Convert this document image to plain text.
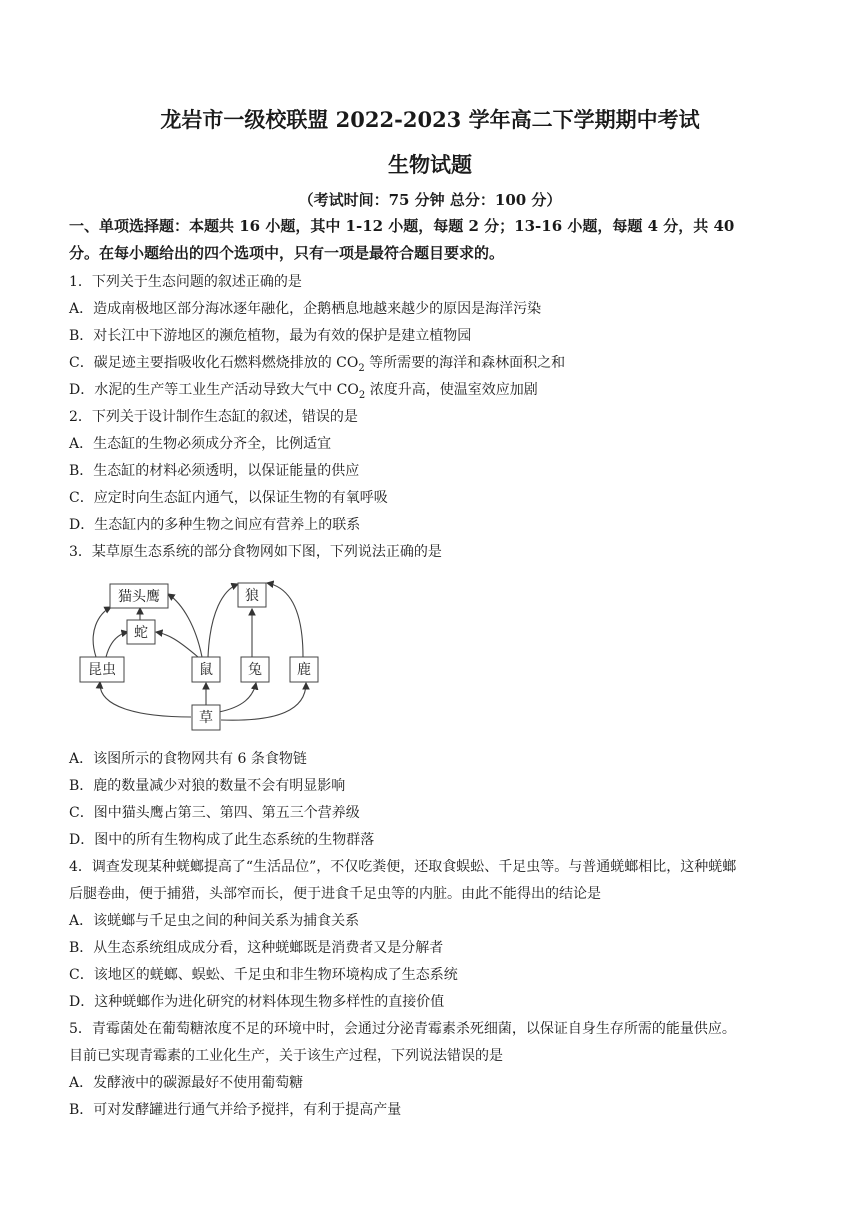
龙岩市一级校联盟 2022-2023 学年高二下学期期中考试
生物试题
（考试时间：75 分钟 总分：100 分）
一、单项选择题：本题共 16 小题，其中 1-12 小题，每题 2 分；13-16 小题，每题 4 分，共 40
分。在每小题给出的四个选项中，只有一项是最符合题目要求的。
1．下列关于生态问题的叙述正确的是
A．造成南极地区部分海冰逐年融化，企鹅栖息地越来越少的原因是海洋污染
B．对长江中下游地区的濒危植物，最为有效的保护是建立植物园
C．碳足迹主要指吸收化石燃料燃烧排放的 $CO_2$ 等所需要的海洋和森林面积之和
D．水泥的生产等工业生产活动导致大气中 $CO_2$ 浓度升高，使温室效应加剧
2．下列关于设计制作生态缸的叙述，错误的是
A．生态缸的生物必须成分齐全，比例适宜
B．生态缸的材料必须透明，以保证能量的供应
C．应定时向生态缸内通气，以保证生物的有氧呼吸
D．生态缸内的多种生物之间应有营养上的联系
3．某草原生态系统的部分食物网如下图，下列说法正确的是
猫头鹰	狼
蛇
昆虫	鼠	兔	鹿
草
A．该图所示的食物网共有 6 条食物链
B．鹿的数量减少对狼的数量不会有明显影响
C．图中猫头鹰占第三、第四、第五三个营养级
D．图中的所有生物构成了此生态系统的生物群落
4．调查发现某种蜣螂提高了“生活品位”，不仅吃粪便，还取食蜈蚣、千足虫等。与普通蜣螂相比，这种蜣螂
后腿卷曲，便于捕猎，头部窄而长，便于进食千足虫等的内脏。由此不能得出的结论是
A．该蜣螂与千足虫之间的种间关系为捕食关系
B．从生态系统组成成分看，这种蜣螂既是消费者又是分解者
C．该地区的蜣螂、蜈蚣、千足虫和非生物环境构成了生态系统
D．这种蜣螂作为进化研究的材料体现生物多样性的直接价值
5．青霉菌处在葡萄糖浓度不足的环境中时，会通过分泌青霉素杀死细菌，以保证自身生存所需的能量供应。
目前已实现青霉素的工业化生产，关于该生产过程，下列说法错误的是
A．发酵液中的碳源最好不使用葡萄糖
B．可对发酵罐进行通气并给予搅拌，有利于提高产量
